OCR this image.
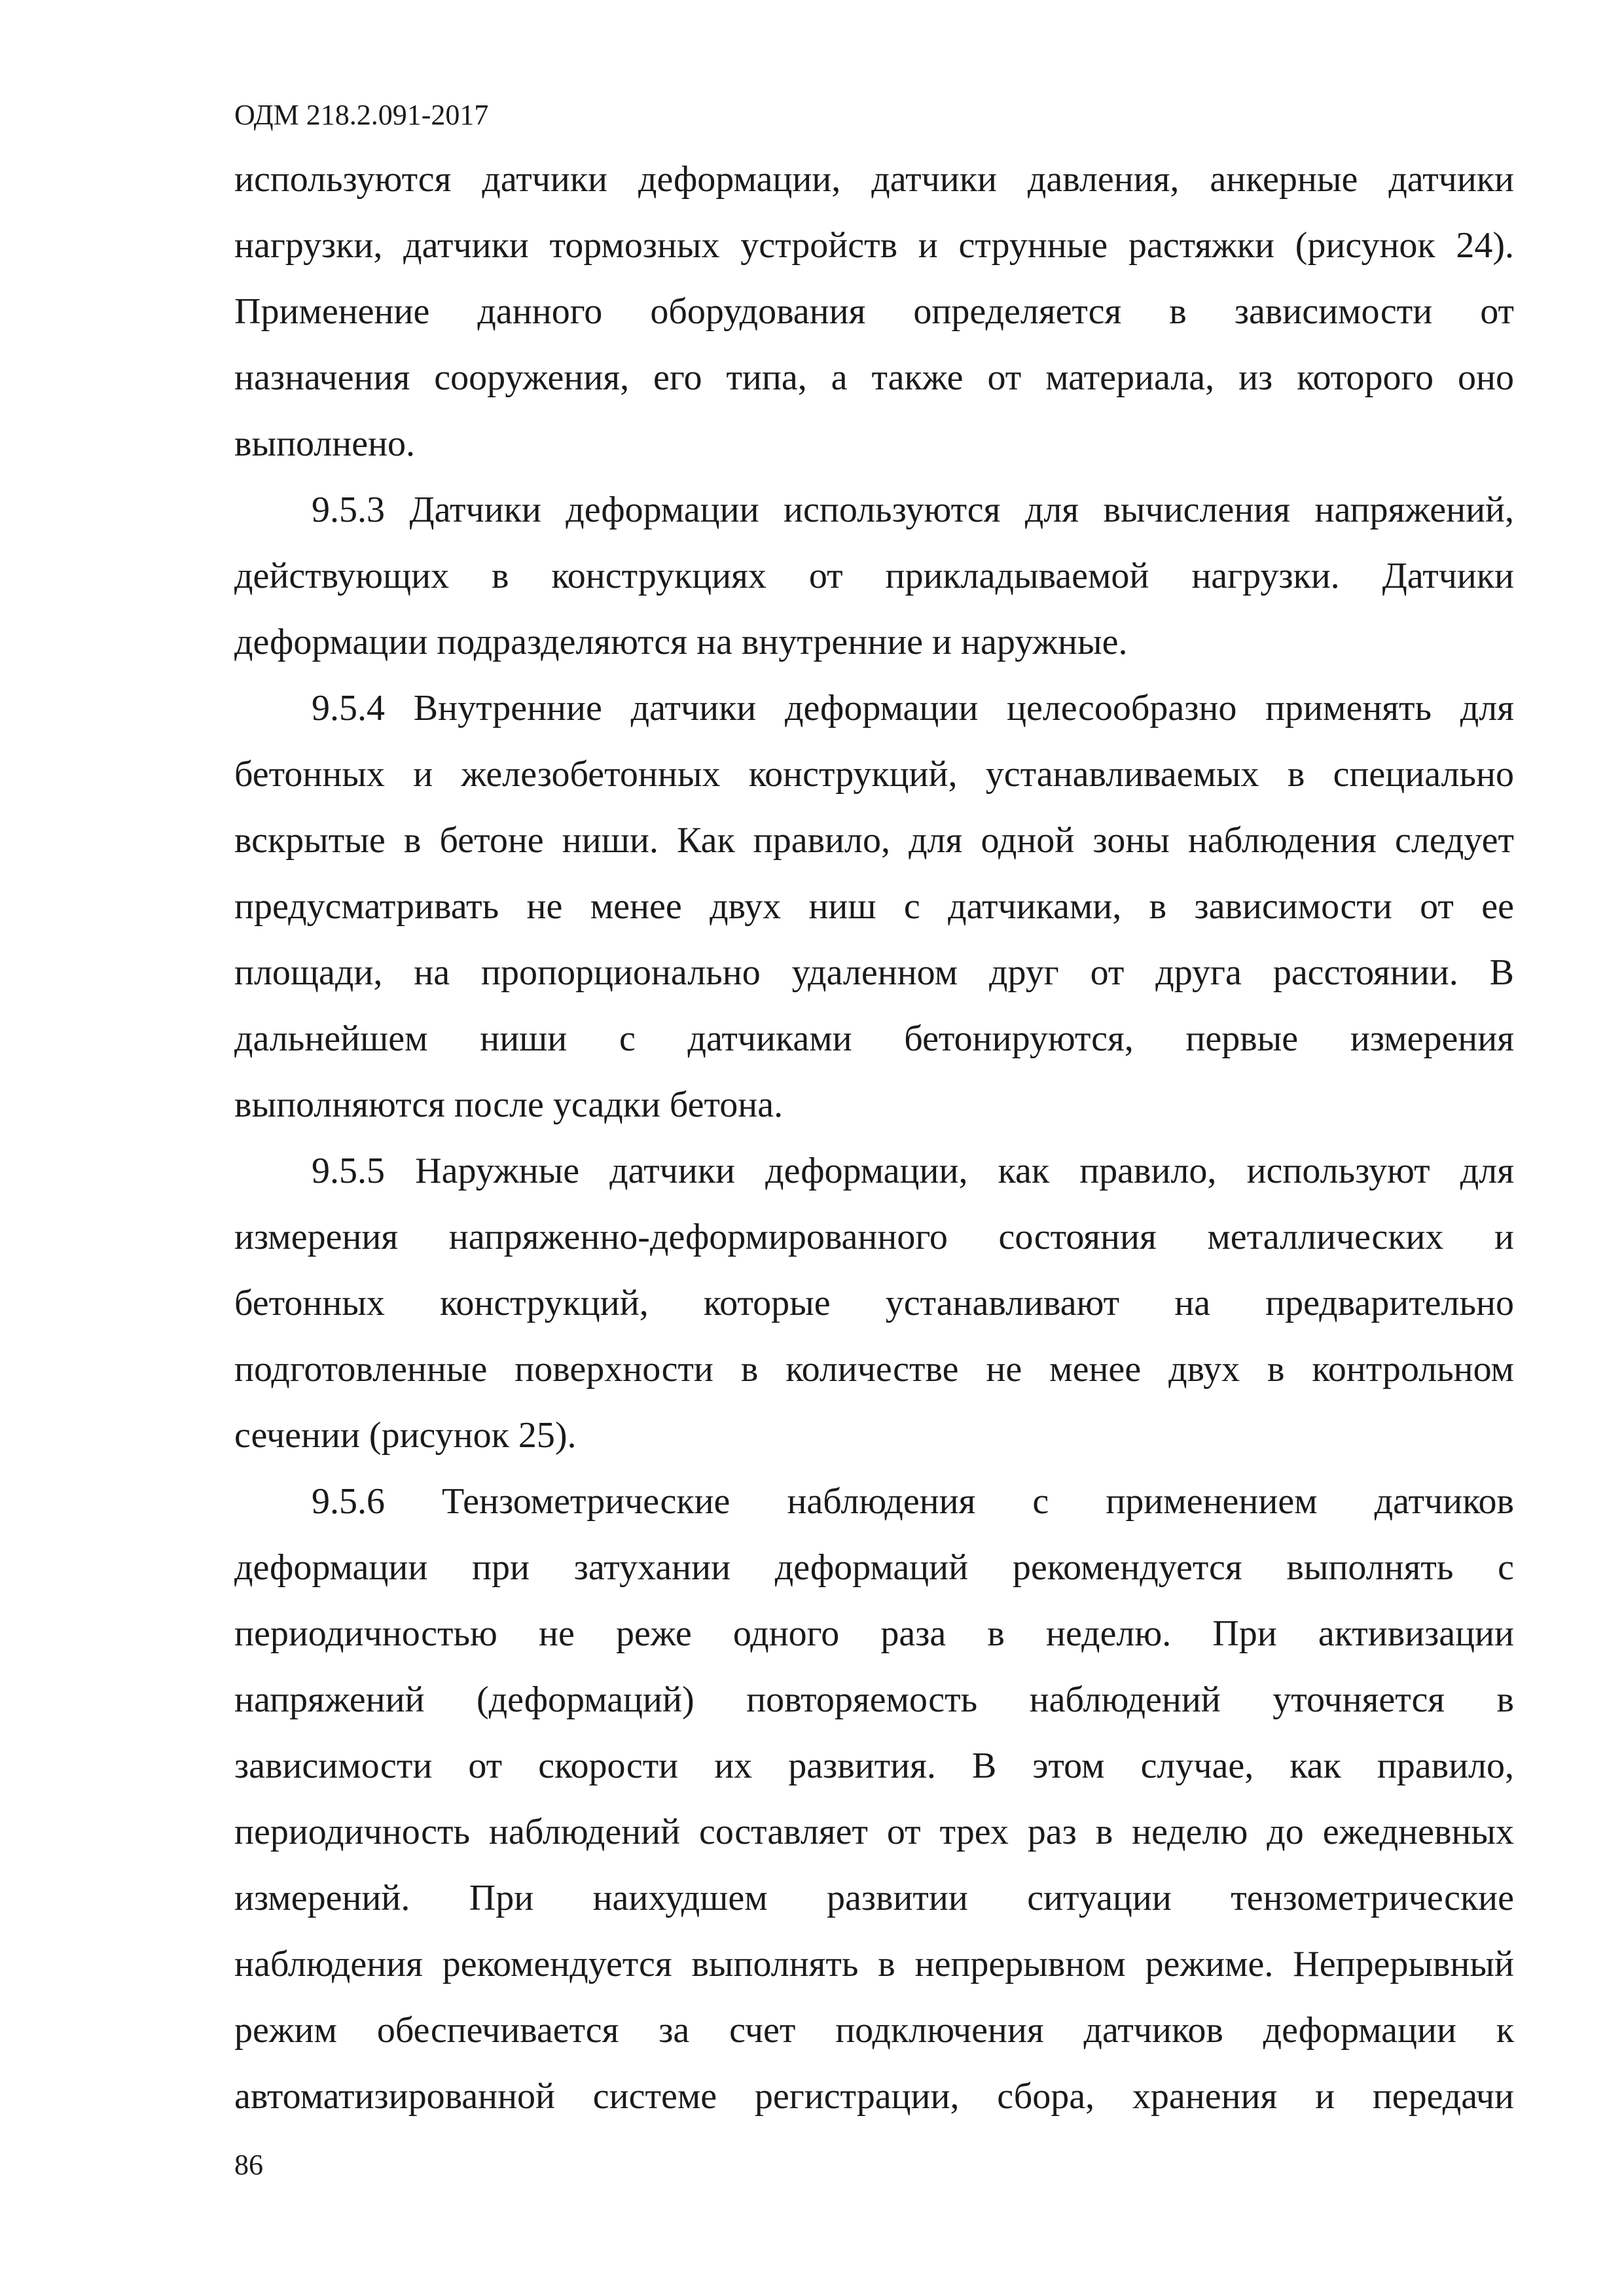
ОДМ 218.2.091-2017
используются датчики деформации, датчики давления, анкерные датчики
нагрузки, датчики тормозных устройств и струнные растяжки (рисунок 24).
Применение данного оборудования определяется в зависимости от
назначения сооружения, его типа, а также от материала, из которого оно
выполнено.
9.5.3 Датчики деформации используются для вычисления напряжений,
действующих в конструкциях от прикладываемой нагрузки. Датчики
деформации подразделяются на внутренние и наружные.
9.5.4 Внутренние датчики деформации целесообразно применять для
бетонных и железобетонных конструкций, устанавливаемых в специально
вскрытые в бетоне ниши. Как правило, для одной зоны наблюдения следует
предусматривать не менее двух ниш с датчиками, в зависимости от ее
площади, на пропорционально удаленном друг от друга расстоянии. В
дальнейшем ниши с датчиками бетонируются, первые измерения
выполняются после усадки бетона.
9.5.5 Наружные датчики деформации, как правило, используют для
измерения напряженно-деформированного состояния металлических и
бетонных конструкций, которые устанавливают на предварительно
подготовленные поверхности в количестве не менее двух в контрольном
сечении (рисунок 25).
9.5.6 Тензометрические наблюдения с применением датчиков
деформации при затухании деформаций рекомендуется выполнять с
периодичностью не реже одного раза в неделю. При активизации
напряжений (деформаций) повторяемость наблюдений уточняется в
зависимости от скорости их развития. В этом случае, как правило,
периодичность наблюдений составляет от трех раз в неделю до ежедневных
измерений. При наихудшем развитии ситуации тензометрические
наблюдения рекомендуется выполнять в непрерывном режиме. Непрерывный
режим обеспечивается за счет подключения датчиков деформации к
автоматизированной системе регистрации, сбора, хранения и передачи
86
